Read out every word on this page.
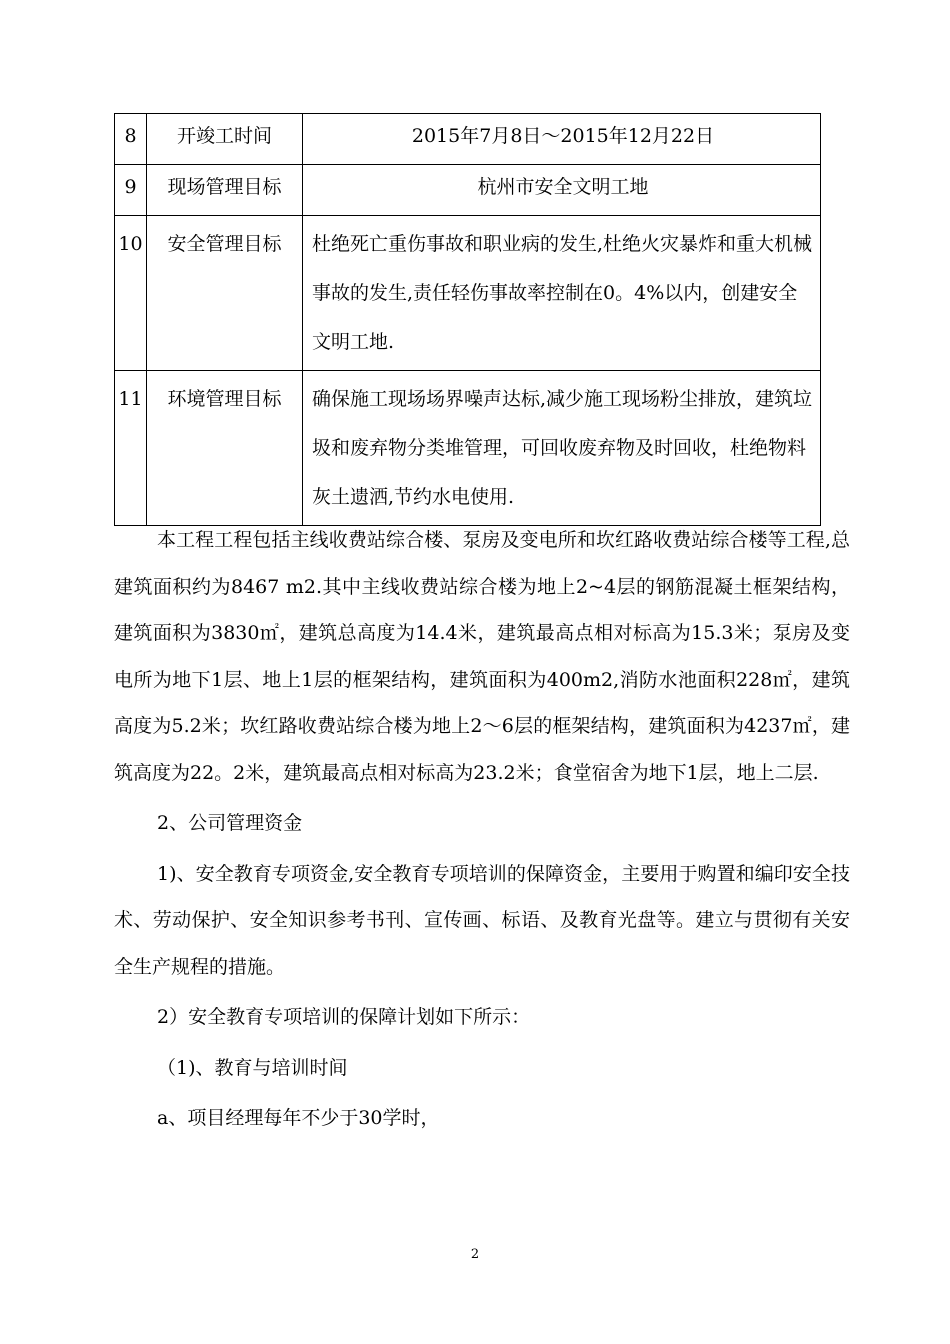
8	开竣工时间	2015年7月8日～2015年12月22日
9	现场管理目标	杭州市安全文明工地
10	安全管理目标	杜绝死亡重伤事故和职业病的发生,杜绝火灾暴炸和重大机械事故的发生,责任轻伤事故率控制在0。4%以内，创建安全文明工地.
11	环境管理目标	确保施工现场场界噪声达标,减少施工现场粉尘排放，建筑垃圾和废弃物分类堆管理，可回收废弃物及时回收，杜绝物料灰土遗洒,节约水电使用.

本工程工程包括主线收费站综合楼、泵房及变电所和坎红路收费站综合楼等工程,总建筑面积约为8467 m2.其中主线收费站综合楼为地上2~4层的钢筋混凝土框架结构，建筑面积为3830㎡，建筑总高度为14.4米，建筑最高点相对标高为15.3米；泵房及变电所为地下1层、地上1层的框架结构，建筑面积为400m2,消防水池面积228㎡，建筑高度为5.2米；坎红路收费站综合楼为地上2～6层的框架结构，建筑面积为4237㎡，建筑高度为22。2米，建筑最高点相对标高为23.2米；食堂宿舍为地下1层，地上二层.

2、公司管理资金

1)、安全教育专项资金,安全教育专项培训的保障资金，主要用于购置和编印安全技术、劳动保护、安全知识参考书刊、宣传画、标语、及教育光盘等。建立与贯彻有关安全生产规程的措施。

2）安全教育专项培训的保障计划如下所示：

（1)、教育与培训时间

a、项目经理每年不少于30学时，

2
